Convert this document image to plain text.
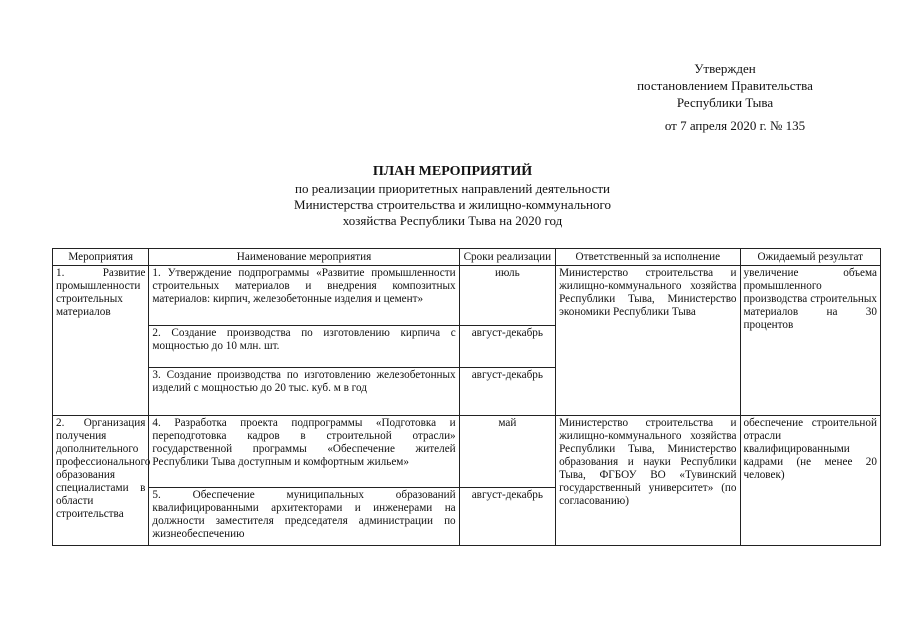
Утвержден
постановлением Правительства
Республики Тыва
от 7 апреля 2020 г. № 135
ПЛАН МЕРОПРИЯТИЙ
по реализации приоритетных направлений деятельности
Министерства строительства и жилищно-коммунального
хозяйства Республики Тыва на 2020 год
Мероприятия	Наименование мероприятия	Сроки реализации	Ответственный за исполнение	Ожидаемый результат
1. Развитие промышленности строительных материалов	1. Утверждение подпрограммы «Развитие промышленности строительных материалов и внедрения композитных материалов: кирпич, железобетонные изделия и цемент»	июль	Министерство строительства и жилищно-коммунального хозяйства Республики Тыва, Министерство экономики Республики Тыва	увеличение объема промышленного производства строительных материалов на 30 процентов
	2. Создание производства по изготовлению кирпича с мощностью до 10 млн. шт.	август-декабрь		
	3. Создание производства по изготовлению железобетонных изделий с мощностью до 20 тыс. куб. м в год	август-декабрь		
2. Организация получения дополнительного профессионального образования специалистами в области строительства	4. Разработка проекта подпрограммы «Подготовка и переподготовка кадров в строительной отрасли» государственной программы «Обеспечение жителей Республики Тыва доступным и комфортным жильем»	май	Министерство строительства и жилищно-коммунального хозяйства Республики Тыва, Министерство образования и науки Республики Тыва, ФГБОУ ВО «Тувинский государственный университет» (по согласованию)	обеспечение строительной отрасли квалифицированными кадрами (не менее 20 человек)
	5. Обеспечение муниципальных образований квалифицированными архитекторами и инженерами на должности заместителя председателя администрации по жизнеобеспечению	август-декабрь		
